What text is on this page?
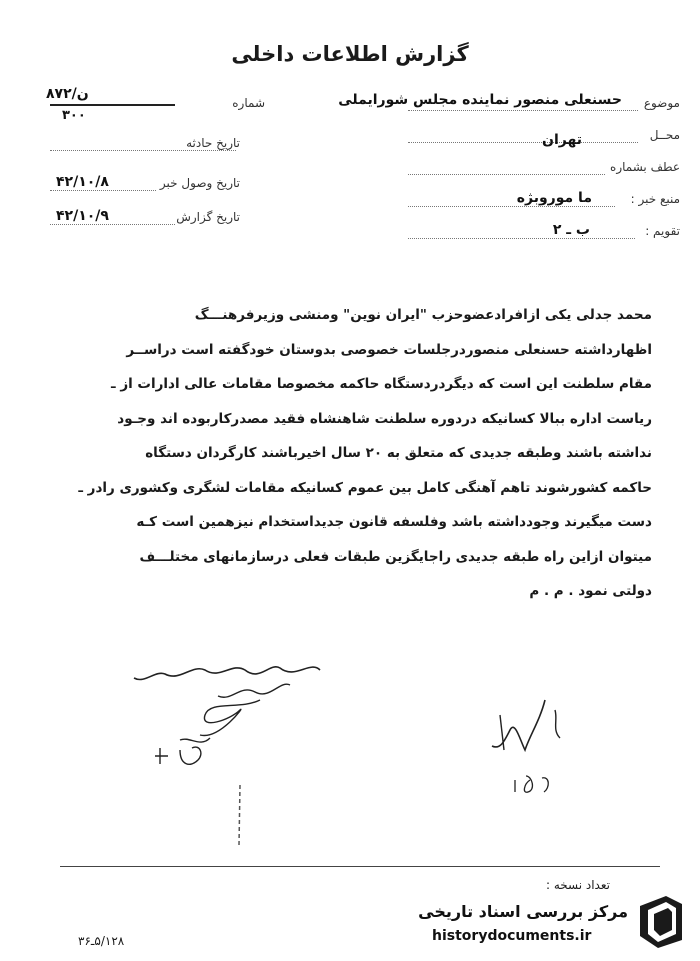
گزارش اطلاعات داخلی
موضوع
حسنعلی منصور نماینده مجلس شورایملی
محــل
تهران
عطف بشماره
منبع خبر :
ما موروبژه
تقویم :
ب ـ ۲
شماره
ن/۸۷۲
۳۰۰
تاریخ حادثه
تاریخ وصول خبر
۴۲/۱۰/۸
تاریخ گزارش
۴۲/۱۰/۹

محمد جدلی یکی ازافرادعضوحزب "ایران نوین" ومنشی وزیرفرهنـــگ

اظهارداشته حسنعلی منصوردرجلسات خصوصی بدوستان خودگفته است دراســر

مقام سلطنت این است که دیگردردستگاه حاکمه مخصوصا مقامات عالی ادارات از ـ

ریاست اداره ببالا کسانیکه دردوره سلطنت شاهنشاه فقید مصدرکاربوده اند وجـود

نداشته باشند وطبقه جدیدی که متعلق به ۲۰ سال اخیرباشند کارگردان دستگاه

حاکمه کشورشوند تاهم آهنگی کامل بین عموم کسانیکه مقامات لشگری وکشوری رادر ـ

دست میگیرند وجودداشته باشد وفلسفه قانون جدیداستخدام نیزهمین است کـه

میتوان ازاین راه طبقه جدیدی راجایگزین طبقات فعلی درسازمانهای مختلـــف

دولتی نمود . م . م

تعداد نسخه :
مرکز بررسی اسناد تاریخی
historydocuments.ir
۵/۱۲۸ـ۳۶
